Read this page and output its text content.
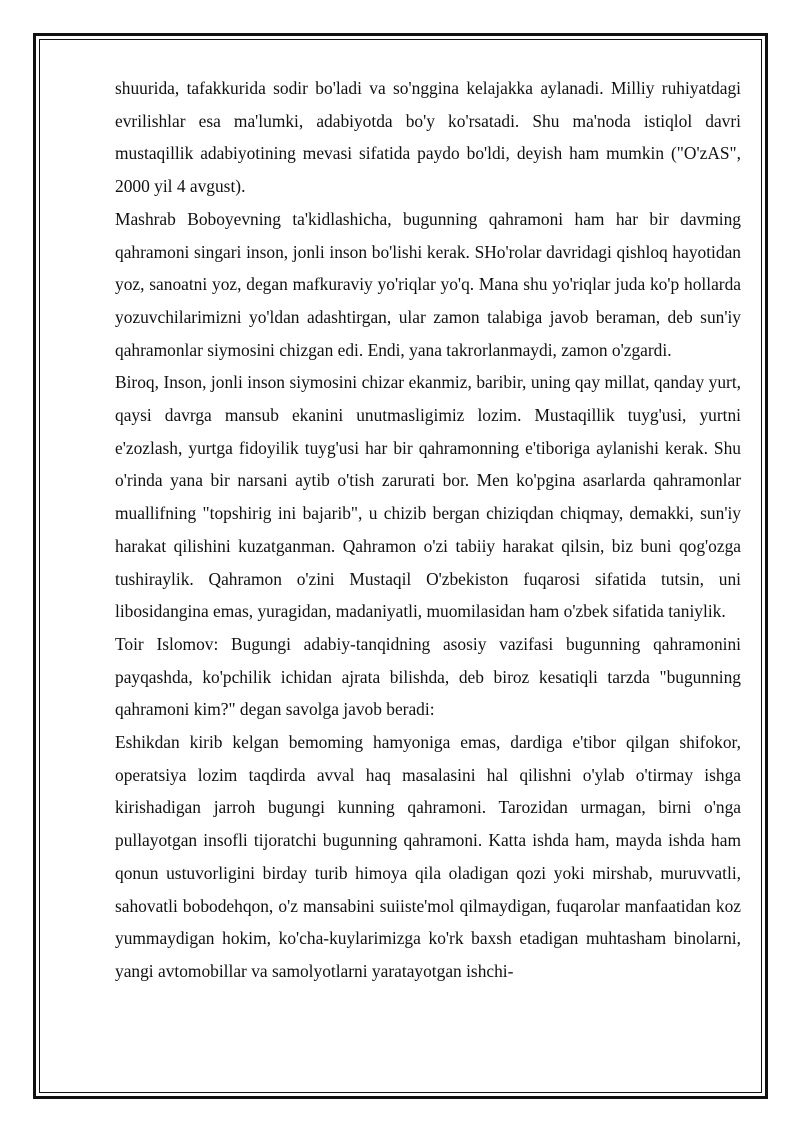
shuurida, tafakkurida sodir bo'ladi va so'nggina kelajakka aylanadi. Milliy ruhiyatdagi evrilishlar esa ma'lumki, adabiyotda bo'y ko'rsatadi. Shu ma'noda istiqlol davri mustaqillik adabiyotining mevasi sifatida paydo bo'ldi, deyish ham mumkin ("O'zAS", 2000 yil 4 avgust).

Mashrab Boboyevning ta'kidlashicha, bugunning qahramoni ham har bir davming qahramoni singari inson, jonli inson bo'lishi kerak. SHo'rolar davridagi qishloq hayotidan yoz, sanoatni yoz, degan mafkuraviy yo'riqlar yo'q. Mana shu yo'riqlar juda ko'p hollarda yozuvchilarimizni yo'ldan adashtirgan, ular zamon talabiga javob beraman, deb sun'iy qahramonlar siymosini chizgan edi. Endi, yana takrorlanmaydi, zamon o'zgardi.

Biroq, Inson, jonli inson siymosini chizar ekanmiz, baribir, uning qay millat, qanday yurt, qaysi davrga mansub ekanini unutmasligimiz lozim. Mustaqillik tuyg'usi, yurtni e'zozlash, yurtga fidoyilik tuyg'usi har bir qahramonning e'tiboriga aylanishi kerak. Shu o'rinda yana bir narsani aytib o'tish zarurati bor. Men ko'pgina asarlarda qahramonlar muallifning "topshirig ini bajarib", u chizib bergan chiziqdan chiqmay, demakki, sun'iy harakat qilishini kuzatganman. Qahramon o'zi tabiiy harakat qilsin, biz buni qog'ozga tushiraylik. Qahramon o'zini Mustaqil O'zbekiston fuqarosi sifatida tutsin, uni libosidangina emas, yuragidan, madaniyatli, muomilasidan ham o'zbek sifatida taniylik.

Toir Islomov: Bugungi adabiy-tanqidning asosiy vazifasi bugunning qahramonini payqashda, ko'pchilik ichidan ajrata bilishda, deb biroz kesatiqli tarzda "bugunning qahramoni kim?" degan savolga javob beradi:

Eshikdan kirib kelgan bemoming hamyoniga emas, dardiga e'tibor qilgan shifokor, operatsiya lozim taqdirda avval haq masalasini hal qilishni o'ylab o'tirmay ishga kirishadigan jarroh bugungi kunning qahramoni. Tarozidan urmagan, birni o'nga pullayotgan insofli tijoratchi bugunning qahramoni. Katta ishda ham, mayda ishda ham qonun ustuvorligini birday turib himoya qila oladigan qozi yoki mirshab, muruvvatli, sahovatli bobodehqon, o'z mansabini suiiste'mol qilmaydigan, fuqarolar manfaatidan koz yummaydigan hokim, ko'cha-kuylarimizga ko'rk baxsh etadigan muhtasham binolarni, yangi avtomobillar va samolyotlarni yaratayotgan ishchi-
